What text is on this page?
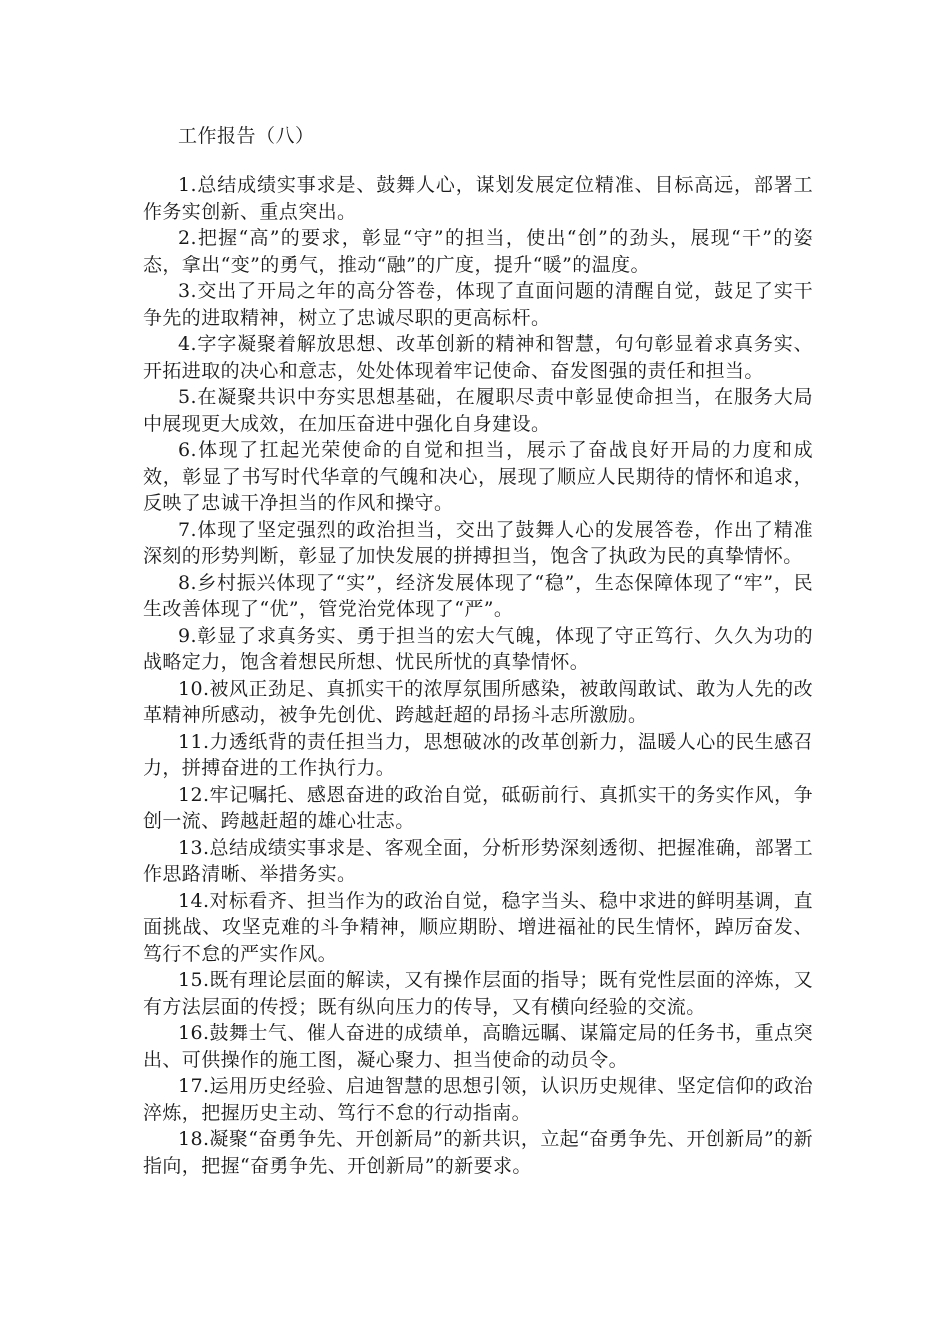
工作报告（八）

1.总结成绩实事求是、鼓舞人心，谋划发展定位精准、目标高远，部署工作务实创新、重点突出。

2.把握“高”的要求，彰显“守”的担当，使出“创”的劲头，展现“干”的姿态，拿出“变”的勇气，推动“融”的广度，提升“暖”的温度。

3.交出了开局之年的高分答卷，体现了直面问题的清醒自觉，鼓足了实干争先的进取精神，树立了忠诚尽职的更高标杆。

4.字字凝聚着解放思想、改革创新的精神和智慧，句句彰显着求真务实、开拓进取的决心和意志，处处体现着牢记使命、奋发图强的责任和担当。

5.在凝聚共识中夯实思想基础，在履职尽责中彰显使命担当，在服务大局中展现更大成效，在加压奋进中强化自身建设。

6.体现了扛起光荣使命的自觉和担当，展示了奋战良好开局的力度和成效，彰显了书写时代华章的气魄和决心，展现了顺应人民期待的情怀和追求，反映了忠诚干净担当的作风和操守。

7.体现了坚定强烈的政治担当，交出了鼓舞人心的发展答卷，作出了精准深刻的形势判断，彰显了加快发展的拼搏担当，饱含了执政为民的真挚情怀。

8.乡村振兴体现了“实”，经济发展体现了“稳”，生态保障体现了“牢”，民生改善体现了“优”，管党治党体现了“严”。

9.彰显了求真务实、勇于担当的宏大气魄，体现了守正笃行、久久为功的战略定力，饱含着想民所想、忧民所忧的真挚情怀。

10.被风正劲足、真抓实干的浓厚氛围所感染，被敢闯敢试、敢为人先的改革精神所感动，被争先创优、跨越赶超的昂扬斗志所激励。

11.力透纸背的责任担当力，思想破冰的改革创新力，温暖人心的民生感召力，拼搏奋进的工作执行力。

12.牢记嘱托、感恩奋进的政治自觉，砥砺前行、真抓实干的务实作风，争创一流、跨越赶超的雄心壮志。

13.总结成绩实事求是、客观全面，分析形势深刻透彻、把握准确，部署工作思路清晰、举措务实。

14.对标看齐、担当作为的政治自觉，稳字当头、稳中求进的鲜明基调，直面挑战、攻坚克难的斗争精神，顺应期盼、增进福祉的民生情怀，踔厉奋发、笃行不怠的严实作风。

15.既有理论层面的解读，又有操作层面的指导；既有党性层面的淬炼，又有方法层面的传授；既有纵向压力的传导，又有横向经验的交流。

16.鼓舞士气、催人奋进的成绩单，高瞻远瞩、谋篇定局的任务书，重点突出、可供操作的施工图，凝心聚力、担当使命的动员令。

17.运用历史经验、启迪智慧的思想引领，认识历史规律、坚定信仰的政治淬炼，把握历史主动、笃行不怠的行动指南。

18.凝聚“奋勇争先、开创新局”的新共识，立起“奋勇争先、开创新局”的新指向，把握“奋勇争先、开创新局”的新要求。
